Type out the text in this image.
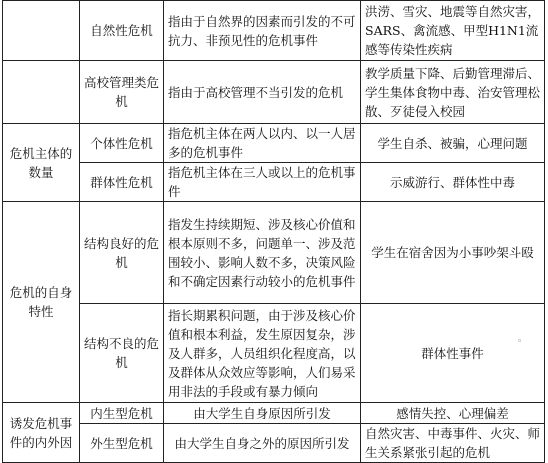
	自然性危机	指由于自然界的因素而引发的不可抗力、非预见性的危机事件	洪涝、雪灾、地震等自然灾害，SARS、禽流感、甲型H1N1流感等传染性疾病
	高校管理类危机	指由于高校管理不当引发的危机	教学质量下降、后勤管理滞后、学生集体食物中毒、治安管理松散、歹徒侵入校园
危机主体的数量	个体性危机	指危机主体在两人以内、以一人居多的危机事件	学生自杀、被骗，心理问题
	群体性危机	指危机主体在三人或以上的危机事件	示威游行、群体性中毒
危机的自身特性	结构良好的危机	指发生持续期短、涉及核心价值和根本原则不多，问题单一、涉及范围较小、影响人数不多，决策风险和不确定因素行动较小的危机事件	学生在宿舍因为小事吵架斗殴
	结构不良的危机	指长期累积问题，由于涉及核心价值和根本利益，发生原因复杂，涉及人群多，人员组织化程度高，以及群体从众效应等影响，人们易采用非法的手段或有暴力倾向	群体性事件
诱发危机事件的内外因	内生型危机	由大学生自身原因所引发	感情失控、心理偏差
	外生型危机	由大学生自身之外的原因所引发	自然灾害、中毒事件、火灾、师生关系紧张引起的危机
◦
